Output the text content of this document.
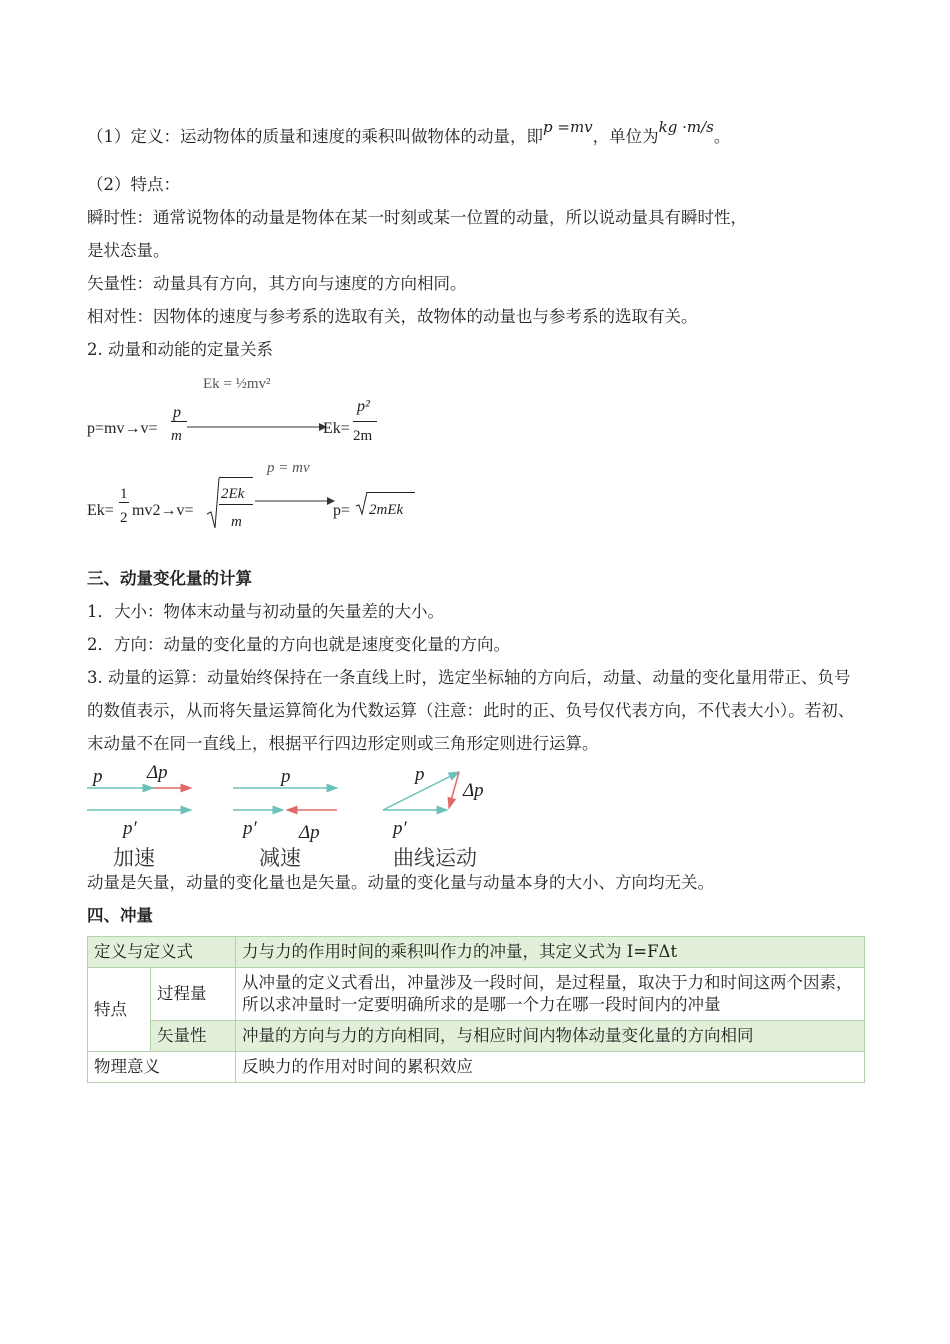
（1）定义：运动物体的质量和速度的乘积叫做物体的动量，即p =mv，单位为kg ·m/s。
（2）特点：
瞬时性：通常说物体的动量是物体在某一时刻或某一位置的动量，所以说动量具有瞬时性，
是状态量。
矢量性：动量具有方向，其方向与速度的方向相同。
相对性：因物体的速度与参考系的选取有关，故物体的动量也与参考系的选取有关。
2. 动量和动能的定量关系
p=mv→v=
p
m
Ek = ½mv²
Ek=
p²
2m
Ek=
1
2 mv2→v=
2Ek
m
p = mv
p= 2mEk
三、动量变化量的计算
1．大小：物体末动量与初动量的矢量差的大小。
2．方向：动量的变化量的方向也就是速度变化量的方向。
3. 动量的运算：动量始终保持在一条直线上时，选定坐标轴的方向后，动量、动量的变化量用带正、负号的数值表示，从而将矢量运算简化为代数运算（注意：此时的正、负号仅代表方向，不代表大小）。若初、末动量不在同一直线上，根据平行四边形定则或三角形定则进行运算。
p Δp
p′
p
p′ Δp
p
Δp
p′
加速	减速	曲线运动
动量是矢量，动量的变化量也是矢量。动量的变化量与动量本身的大小、方向均无关。
四、冲量
定义与定义式		力与力的作用时间的乘积叫作力的冲量，其定义式为 I=FΔt
特点	过程量	从冲量的定义式看出，冲量涉及一段时间，是过程量，取决于力和时间这两个因素，所以求冲量时一定要明确所求的是哪一个力在哪一段时间内的冲量
	矢量性	冲量的方向与力的方向相同，与相应时间内物体动量变化量的方向相同
物理意义		反映力的作用对时间的累积效应
